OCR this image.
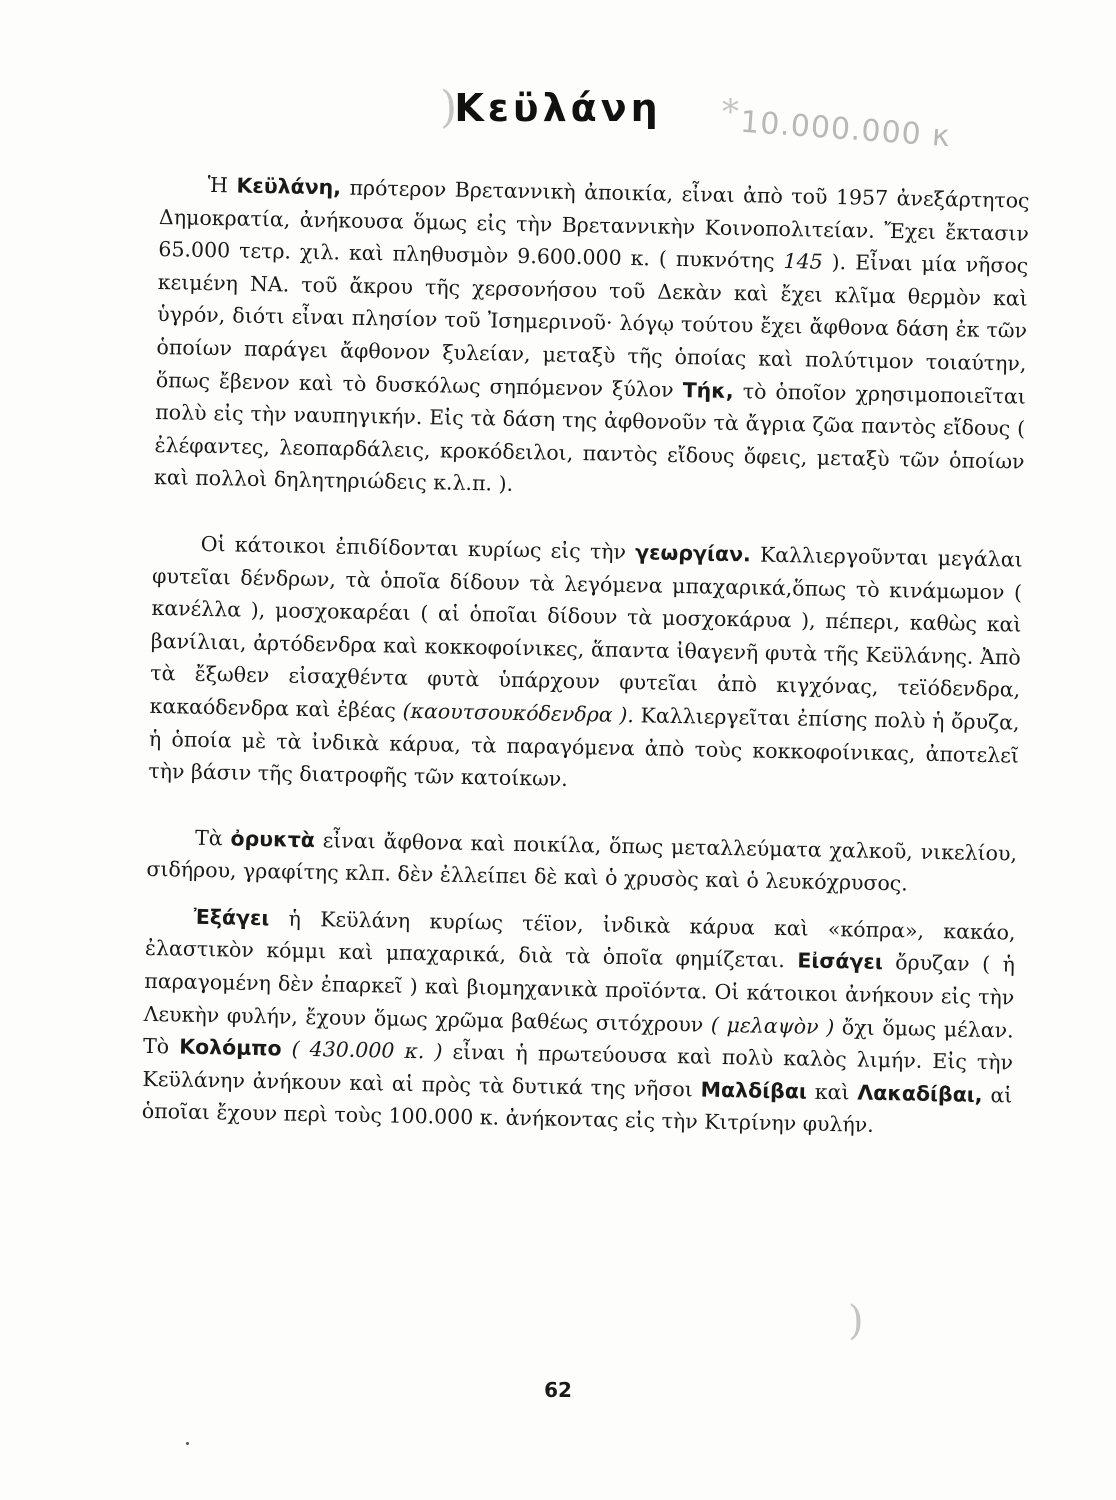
)	* 10.000.000 κ
Κεϋλάνη

Ἡ Κεϋλάνη, πρότερον Βρεταννικὴ ἀποικία, εἶναι ἀπὸ τοῦ 1957 ἀνεξάρτητος Δημοκρατία, ἀνήκουσα ὅμως εἰς τὴν Βρεταννικὴν Κοινοπολιτείαν. Ἔχει ἔκτασιν 65.000 τετρ. χιλ. καὶ πληθυσμὸν 9.600.000 κ. ( πυκνότης 145 ). Εἶναι μία νῆσος κειμένη ΝΑ. τοῦ ἄκρου τῆς χερσονήσου τοῦ Δεκὰν καὶ ἔχει κλῖμα θερμὸν καὶ ὑγρόν, διότι εἶναι πλησίον τοῦ Ἰσημερινοῦ· λόγῳ τούτου ἔχει ἄφθονα δάση ἐκ τῶν ὁποίων παράγει ἄφθονον ξυλείαν, μεταξὺ τῆς ὁποίας καὶ πολύτιμον τοιαύτην, ὅπως ἔβενον καὶ τὸ δυσκόλως σηπόμενον ξύλον Τήκ, τὸ ὁποῖον χρησιμοποιεῖται πολὺ εἰς τὴν ναυπηγικήν. Εἰς τὰ δάση της ἀφθονοῦν τὰ ἄγρια ζῶα παντὸς εἴδους ( ἐλέφαντες, λεοπαρδάλεις, κροκόδειλοι, παντὸς εἴδους ὄφεις, μεταξὺ τῶν ὁποίων καὶ πολλοὶ δηλητηριώδεις κ.λ.π. ).

Οἱ κάτοικοι ἐπιδίδονται κυρίως εἰς τὴν γεωργίαν. Καλλιεργοῦνται μεγάλαι φυτεῖαι δένδρων, τὰ ὁποῖα δίδουν τὰ λεγόμενα μπαχαρικά,ὅπως τὸ κινάμωμον ( κανέλλα ), μοσχοκαρέαι ( αἱ ὁποῖαι δίδουν τὰ μοσχοκάρυα ), πέπερι, καθὼς καὶ βανίλιαι, ἀρτόδενδρα καὶ κοκκοφοίνικες, ἅπαντα ἰθαγενῆ φυτὰ τῆς Κεϋλάνης. Ἀπὸ τὰ ἔξωθεν εἰσαχθέντα φυτὰ ὑπάρχουν φυτεῖαι ἀπὸ κιγχόνας, τεϊόδενδρα, κακαόδενδρα καὶ ἐβέας (καουτσουκόδενδρα ). Καλλιεργεῖται ἐπίσης πολὺ ἡ ὄρυζα, ἡ ὁποία μὲ τὰ ἰνδικὰ κάρυα, τὰ παραγόμενα ἀπὸ τοὺς κοκκοφοίνικας, ἀποτελεῖ τὴν βάσιν τῆς διατροφῆς τῶν κατοίκων.

Τὰ ὀρυκτὰ εἶναι ἄφθονα καὶ ποικίλα, ὅπως μεταλλεύματα χαλκοῦ, νικελίου, σιδήρου, γραφίτης κλπ. δὲν ἐλλείπει δὲ καὶ ὁ χρυσὸς καὶ ὁ λευκόχρυσος.

Ἐξάγει ἡ Κεϋλάνη κυρίως τέϊον, ἰνδικὰ κάρυα καὶ «κόπρα», κακάο, ἐλαστικὸν κόμμι καὶ μπαχαρικά, διὰ τὰ ὁποῖα φημίζεται. Εἰσάγει ὄρυζαν ( ἡ παραγομένη δὲν ἐπαρκεῖ ) καὶ βιομηχανικὰ προϊόντα. Οἱ κάτοικοι ἀνήκουν εἰς τὴν Λευκὴν φυλήν, ἔχουν ὅμως χρῶμα βαθέως σιτόχρουν ( μελαψὸν ) ὄχι ὅμως μέλαν. Τὸ Κολόμπο ( 430.000 κ. ) εἶναι ἡ πρωτεύουσα καὶ πολὺ καλὸς λιμήν. Εἰς τὴν Κεϋλάνην ἀνήκουν καὶ αἱ πρὸς τὰ δυτικά της νῆσοι Μαλδίβαι καὶ Λακαδίβαι, αἱ ὁποῖαι ἔχουν περὶ τοὺς 100.000 κ. ἀνήκοντας εἰς τὴν Κιτρίνην φυλήν.

)
62
